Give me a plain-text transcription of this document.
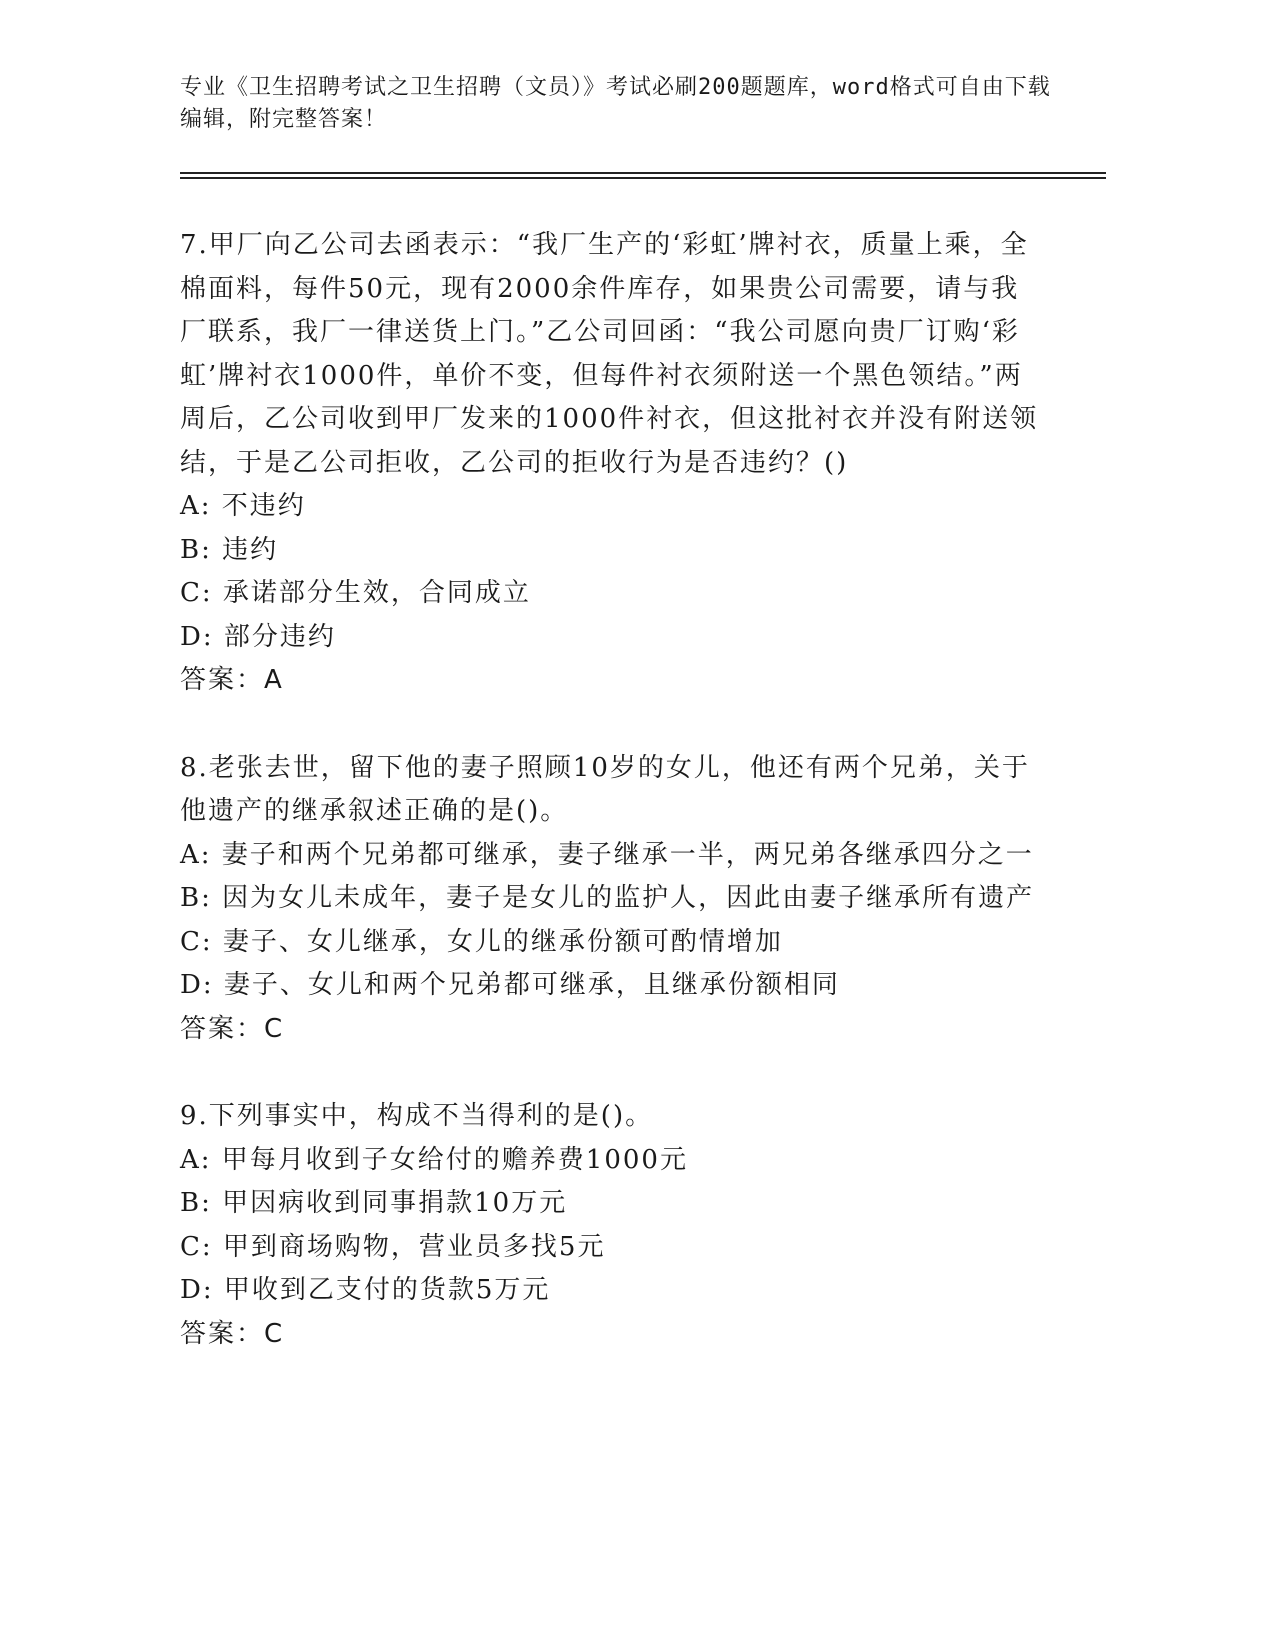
专业《卫生招聘考试之卫生招聘（文员）》考试必刷200题题库，word格式可自由下载编辑，附完整答案！

7.甲厂向乙公司去函表示：“我厂生产的‘彩虹’牌衬衣，质量上乘，全棉面料，每件50元，现有2000余件库存，如果贵公司需要，请与我厂联系，我厂一律送货上门。”乙公司回函：“我公司愿向贵厂订购‘彩虹’牌衬衣1000件，单价不变，但每件衬衣须附送一个黑色领结。”两周后，乙公司收到甲厂发来的1000件衬衣，但这批衬衣并没有附送领结，于是乙公司拒收，乙公司的拒收行为是否违约？()

A: 不违约

B: 违约

C: 承诺部分生效，合同成立

D: 部分违约

答案：A

8.老张去世，留下他的妻子照顾10岁的女儿，他还有两个兄弟，关于他遗产的继承叙述正确的是()。

A: 妻子和两个兄弟都可继承，妻子继承一半，两兄弟各继承四分之一

B: 因为女儿未成年，妻子是女儿的监护人，因此由妻子继承所有遗产

C: 妻子、女儿继承，女儿的继承份额可酌情增加

D: 妻子、女儿和两个兄弟都可继承，且继承份额相同

答案：C

9.下列事实中，构成不当得利的是()。

A: 甲每月收到子女给付的赡养费1000元

B: 甲因病收到同事捐款10万元

C: 甲到商场购物，营业员多找5元

D: 甲收到乙支付的货款5万元

答案：C
